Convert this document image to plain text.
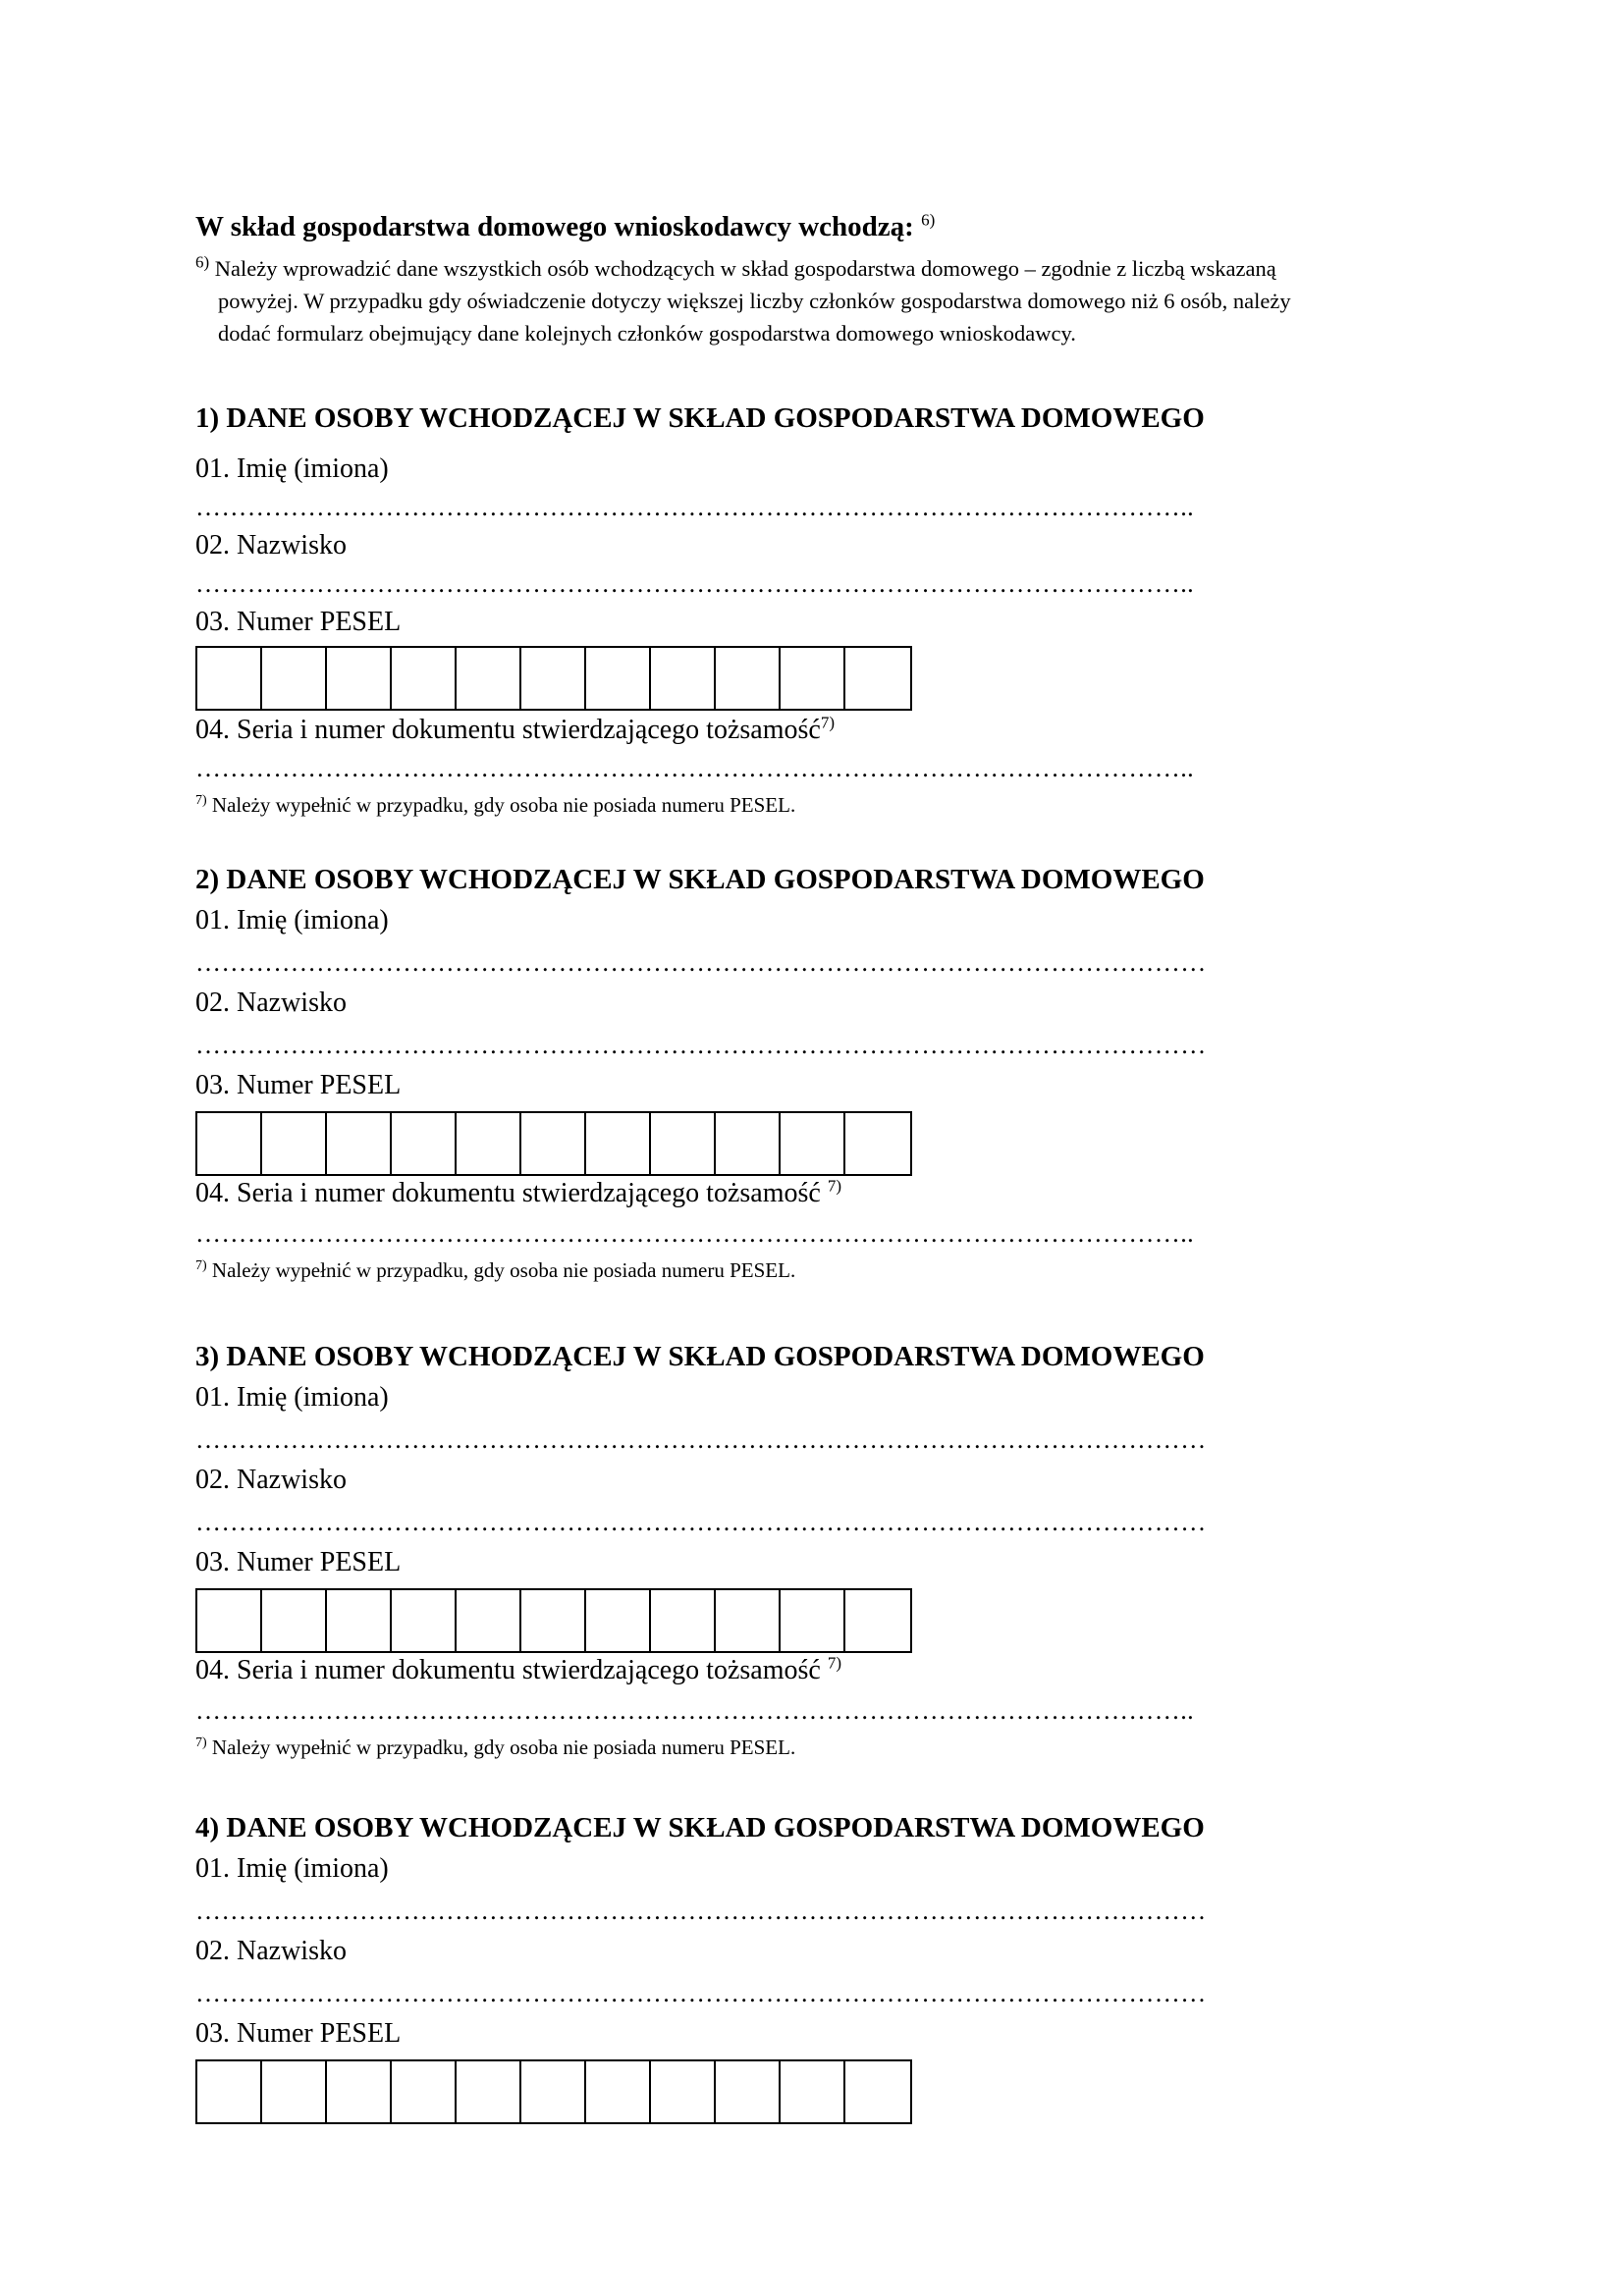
W skład gospodarstwa domowego wnioskodawcy wchodzą: $^{6)}$

$^{6)}$ Należy wprowadzić dane wszystkich osób wchodzących w skład gospodarstwa domowego – zgodnie z liczbą wskazaną
powyżej. W przypadku gdy oświadczenie dotyczy większej liczby członków gospodarstwa domowego niż 6 osób, należy
dodać formularz obejmujący dane kolejnych członków gospodarstwa domowego wnioskodawcy.

1) DANE OSOBY WCHODZĄCEJ W SKŁAD GOSPODARSTWA DOMOWEGO
01. Imię (imiona)
……………………………………………………………………………………………………..
02. Nazwisko
……………………………………………………………………………………………………..
03. Numer PESEL
04. Seria i numer dokumentu stwierdzającego tożsamość$^{7)}$
……………………………………………………………………………………………………..
$^{7)}$ Należy wypełnić w przypadku, gdy osoba nie posiada numeru PESEL.
2) DANE OSOBY WCHODZĄCEJ W SKŁAD GOSPODARSTWA DOMOWEGO
01. Imię (imiona)
………………………………………………………………………………………………………
02. Nazwisko
………………………………………………………………………………………………………
03. Numer PESEL
04. Seria i numer dokumentu stwierdzającego tożsamość $^{7)}$
……………………………………………………………………………………………………..
$^{7)}$ Należy wypełnić w przypadku, gdy osoba nie posiada numeru PESEL.
3) DANE OSOBY WCHODZĄCEJ W SKŁAD GOSPODARSTWA DOMOWEGO
01. Imię (imiona)
………………………………………………………………………………………………………
02. Nazwisko
………………………………………………………………………………………………………
03. Numer PESEL
04. Seria i numer dokumentu stwierdzającego tożsamość $^{7)}$
……………………………………………………………………………………………………..
$^{7)}$ Należy wypełnić w przypadku, gdy osoba nie posiada numeru PESEL.
4) DANE OSOBY WCHODZĄCEJ W SKŁAD GOSPODARSTWA DOMOWEGO
01. Imię (imiona)
………………………………………………………………………………………………………
02. Nazwisko
………………………………………………………………………………………………………
03. Numer PESEL
